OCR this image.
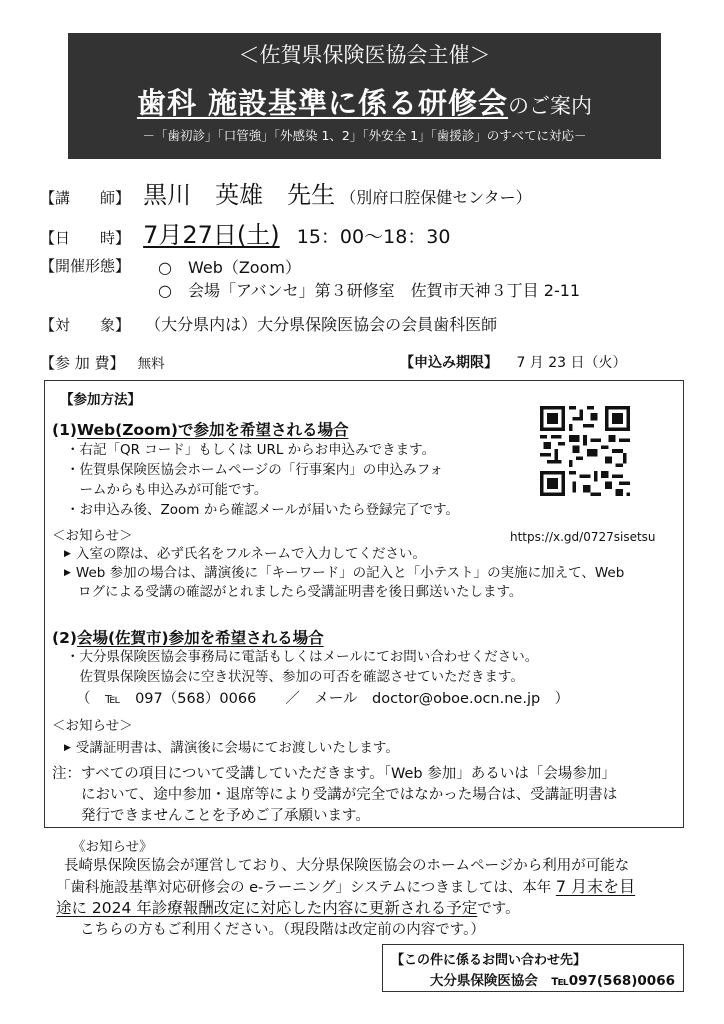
＜佐賀県保険医協会主催＞
歯科 施設基準に係る研修会のご案内
－「歯初診」「口管強」「外感染 1、2」「外安全 1」「歯援診」のすべてに対応－
【講　　師】 黒川　英雄　先生 （別府口腔保健センター）
【日　　時】 7月27日(土) 15：00～18：30
【開催形態】 ○　Web（Zoom）
○　会場「アバンセ」第３研修室　佐賀市天神３丁目 2-11
【対　　象】 （大分県内は）大分県保険医協会の会員歯科医師
【参 加 費】 無料	【申込み期限】 7 月 23 日（火）
【参加方法】
(1)Web(Zoom)で参加を希望される場合
・右記「QR コード」もしくは URL からお申込みできます。
・佐賀県保険医協会ホームページの「行事案内」の申込みフォ
　ームからも申込みが可能です。
・お申込み後、Zoom から確認メールが届いたら登録完了です。
https://x.gd/0727sisetsu
＜お知らせ＞
▶ 入室の際は、必ず氏名をフルネームで入力してください。
▶ Web 参加の場合は、講演後に「キーワード」の記入と「小テスト」の実施に加えて、Web
ログによる受講の確認がとれましたら受講証明書を後日郵送いたします。
(2)会場(佐賀市)参加を希望される場合
・大分県保険医協会事務局に電話もしくはメールにてお問い合わせください。
　佐賀県保険医協会に空き状況等、参加の可否を確認させていただきます。
（　℡　097（568）0066　　／　メール　doctor@oboe.ocn.ne.jp　）
＜お知らせ＞
▶ 受講証明書は、講演後に会場にてお渡しいたします。
注：すべての項目について受講していただきます。「Web 参加」あるいは「会場参加」
　　において、途中参加・退席等により受講が完全ではなかった場合は、受講証明書は
　　発行できませんことを予めご了承願います。
《お知らせ》
長崎県保険医協会が運営しており、大分県保険医協会のホームページから利用が可能な
「歯科施設基準対応研修会の e-ラーニング」システムにつきましては、本年 7 月末を目
途に 2024 年診療報酬改定に対応した内容に更新される予定です。
こちらの方もご利用ください。（現段階は改定前の内容です。）
【この件に係るお問い合わせ先】
大分県保険医協会　℡097(568)0066
